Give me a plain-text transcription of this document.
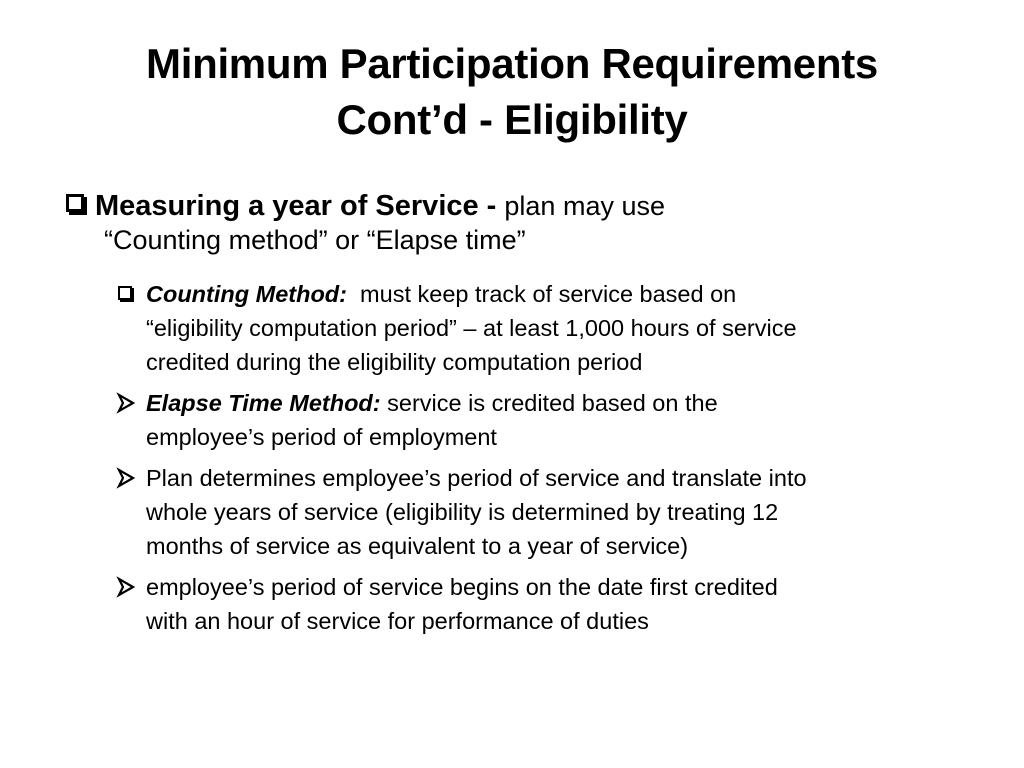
Minimum Participation Requirements
Cont’d - Eligibility
Measuring a year of Service - plan may use
“Counting method” or “Elapse time”
Counting Method:  must keep track of service based on
“eligibility computation period” – at least 1,000 hours of service
credited during the eligibility computation period
Elapse Time Method: service is credited based on the
employee’s period of employment
Plan determines employee’s period of service and translate into
whole years of service (eligibility is determined by treating 12
months of service as equivalent to a year of service)
employee’s period of service begins on the date first credited
with an hour of service for performance of duties
